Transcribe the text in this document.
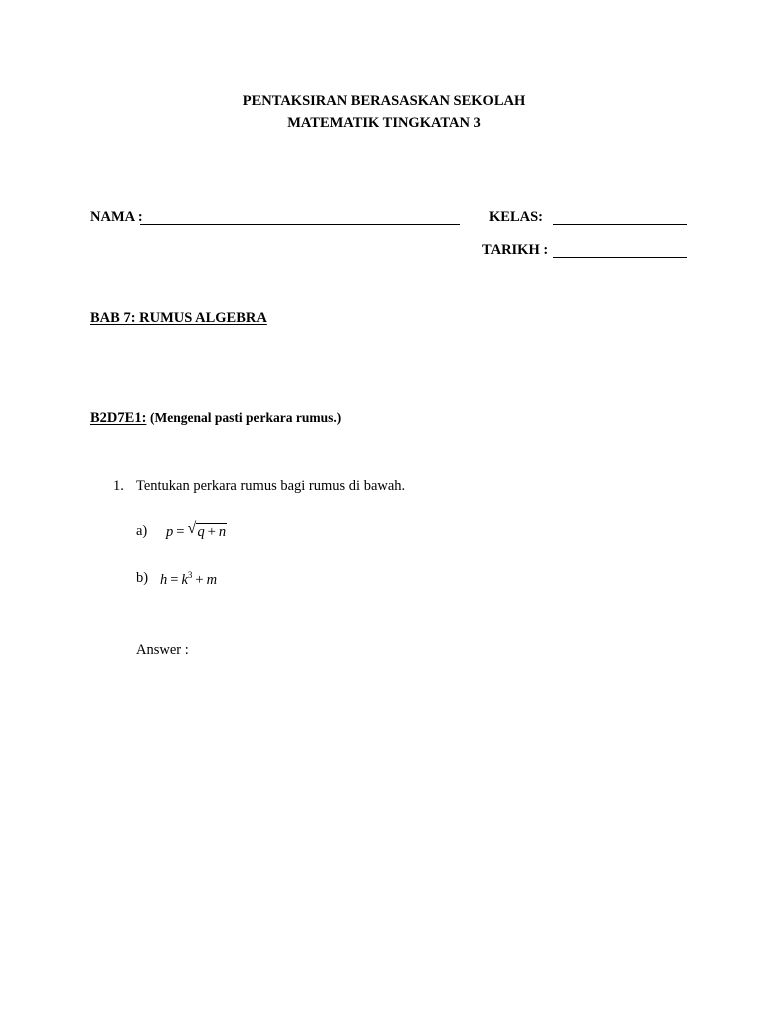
PENTAKSIRAN BERASASKAN SEKOLAH
MATEMATIK TINGKATAN 3
NAMA :	KELAS:
TARIKH :
BAB 7: RUMUS ALGEBRA
B2D7E1: (Mengenal pasti perkara rumus.)
1. Tentukan perkara rumus bagi rumus di bawah.
a) p = √ q + n
b) $h = k^3 + m$
Answer :
